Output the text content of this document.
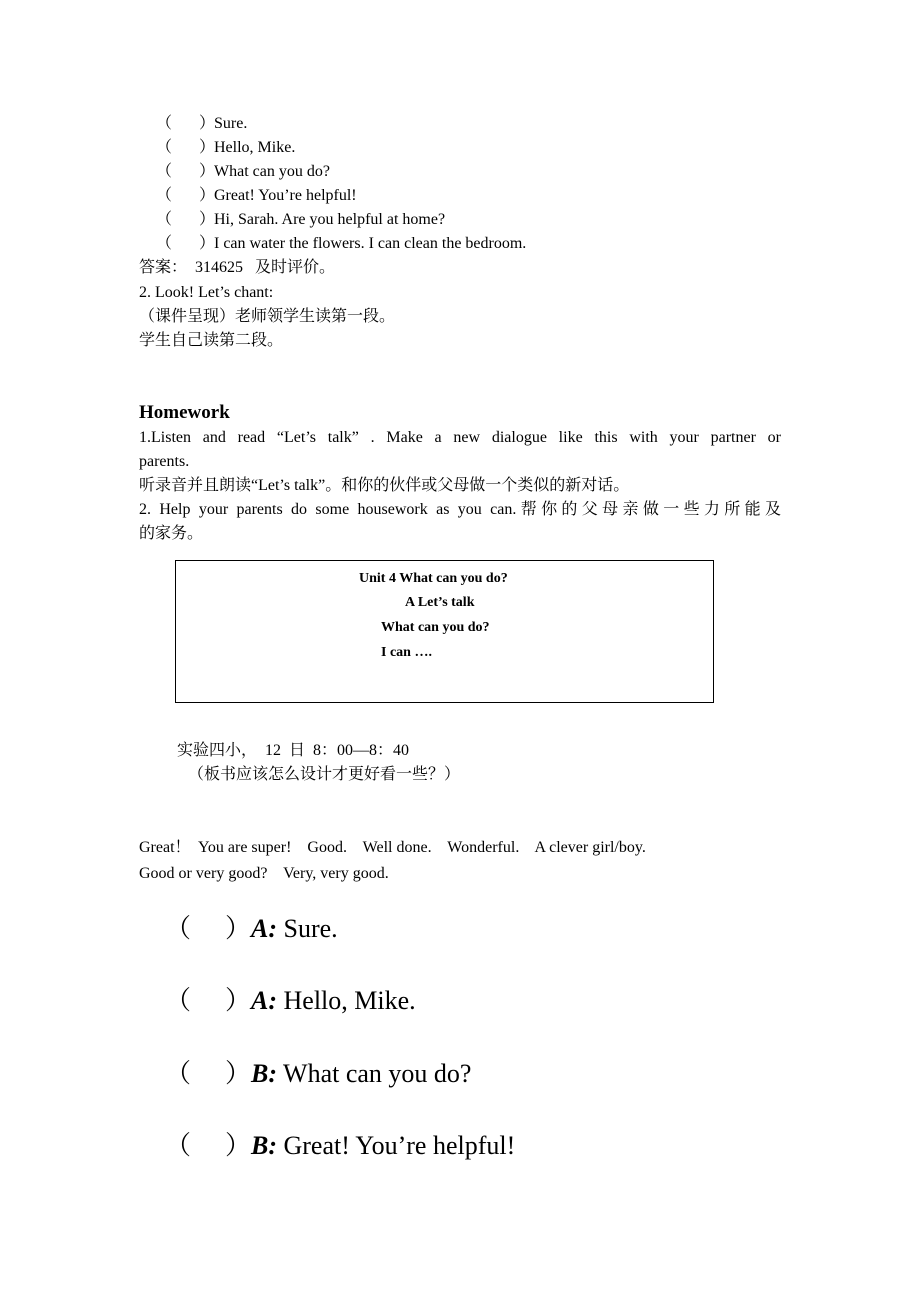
（ ）Sure.
（ ）Hello, Mike.
（ ）What can you do?
（ ）Great! You’re helpful!
（ ）Hi, Sarah. Are you helpful at home?
（ ）I can water the flowers. I can clean the bedroom.
答案：  314625   及时评价。
2. Look! Let’s chant:
（课件呈现）老师领学生读第一段。
学生自己读第二段。
Homework
1.Listen and read “Let’s talk” . Make a new dialogue like this with your partner or
parents.
听录音并且朗读“Let’s talk”。和你的伙伴或父母做一个类似的新对话。
2. Help your parents do some housework as you can.帮你的父母亲做一些力所能及
的家务。
Unit 4 What can you do?
A Let’s talk
What can you do?
I can ….
实验四小，  12  日  8：00—8：40
（板书应该怎么设计才更好看一些？）
Great！  You are super!    Good.    Well done.    Wonderful.    A clever girl/boy.
Good or very good?    Very, very good.
（ ）A: Sure.
（ ）A: Hello, Mike.
（ ）B: What can you do?
（ ）B: Great! You’re helpful!
